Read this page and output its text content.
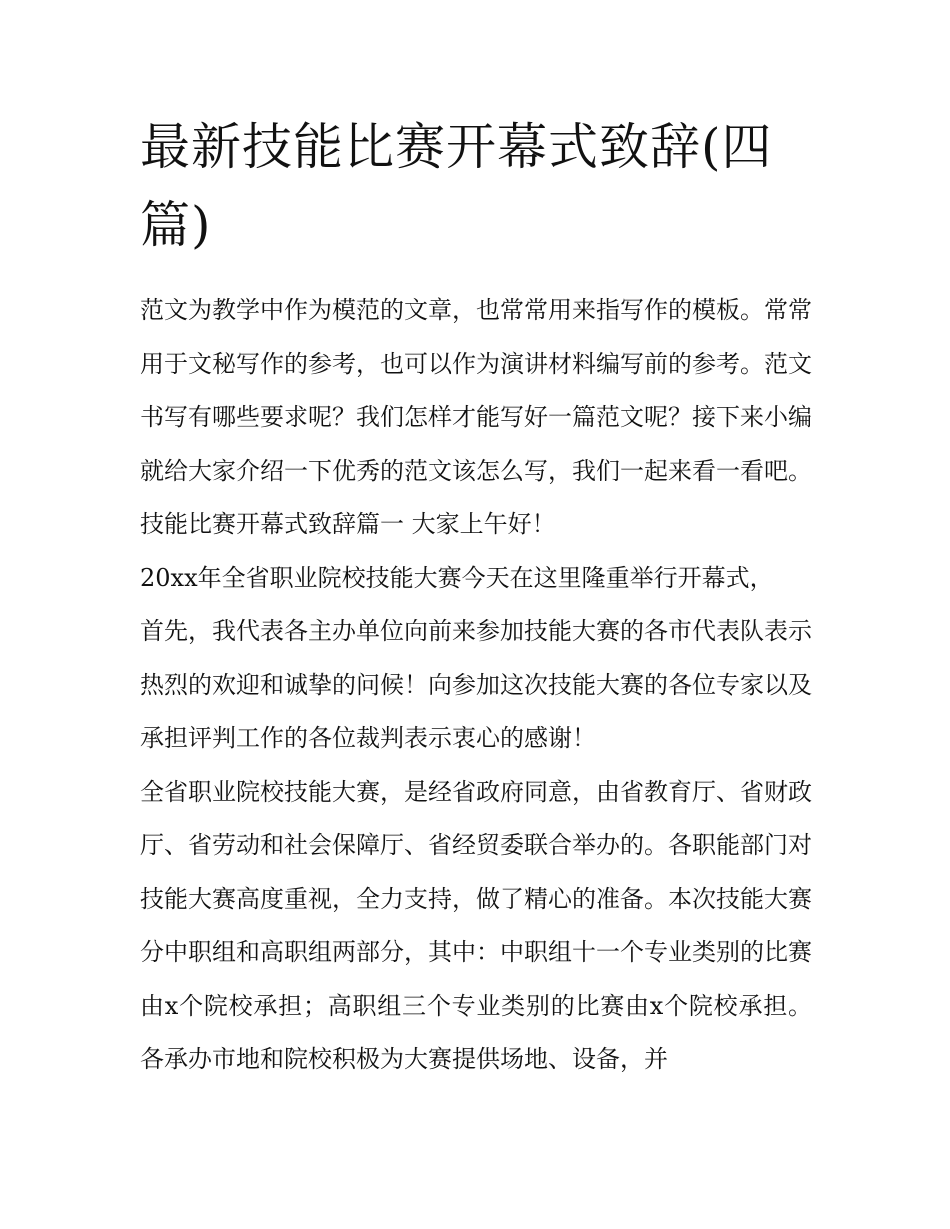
最新技能比赛开幕式致辞(四篇)

范文为教学中作为模范的文章，也常常用来指写作的模板。常常用于文秘写作的参考，也可以作为演讲材料编写前的参考。范文书写有哪些要求呢？我们怎样才能写好一篇范文呢？接下来小编就给大家介绍一下优秀的范文该怎么写，我们一起来看一看吧。

技能比赛开幕式致辞篇一 大家上午好！

20xx年全省职业院校技能大赛今天在这里隆重举行开幕式，

首先，我代表各主办单位向前来参加技能大赛的各市代表队表示热烈的欢迎和诚挚的问候！向参加这次技能大赛的各位专家以及承担评判工作的各位裁判表示衷心的感谢！

全省职业院校技能大赛，是经省政府同意，由省教育厅、省财政厅、省劳动和社会保障厅、省经贸委联合举办的。各职能部门对技能大赛高度重视，全力支持，做了精心的准备。本次技能大赛分中职组和高职组两部分，其中：中职组十一个专业类别的比赛由x个院校承担；高职组三个专业类别的比赛由x个院校承担。各承办市地和院校积极为大赛提供场地、设备，并
